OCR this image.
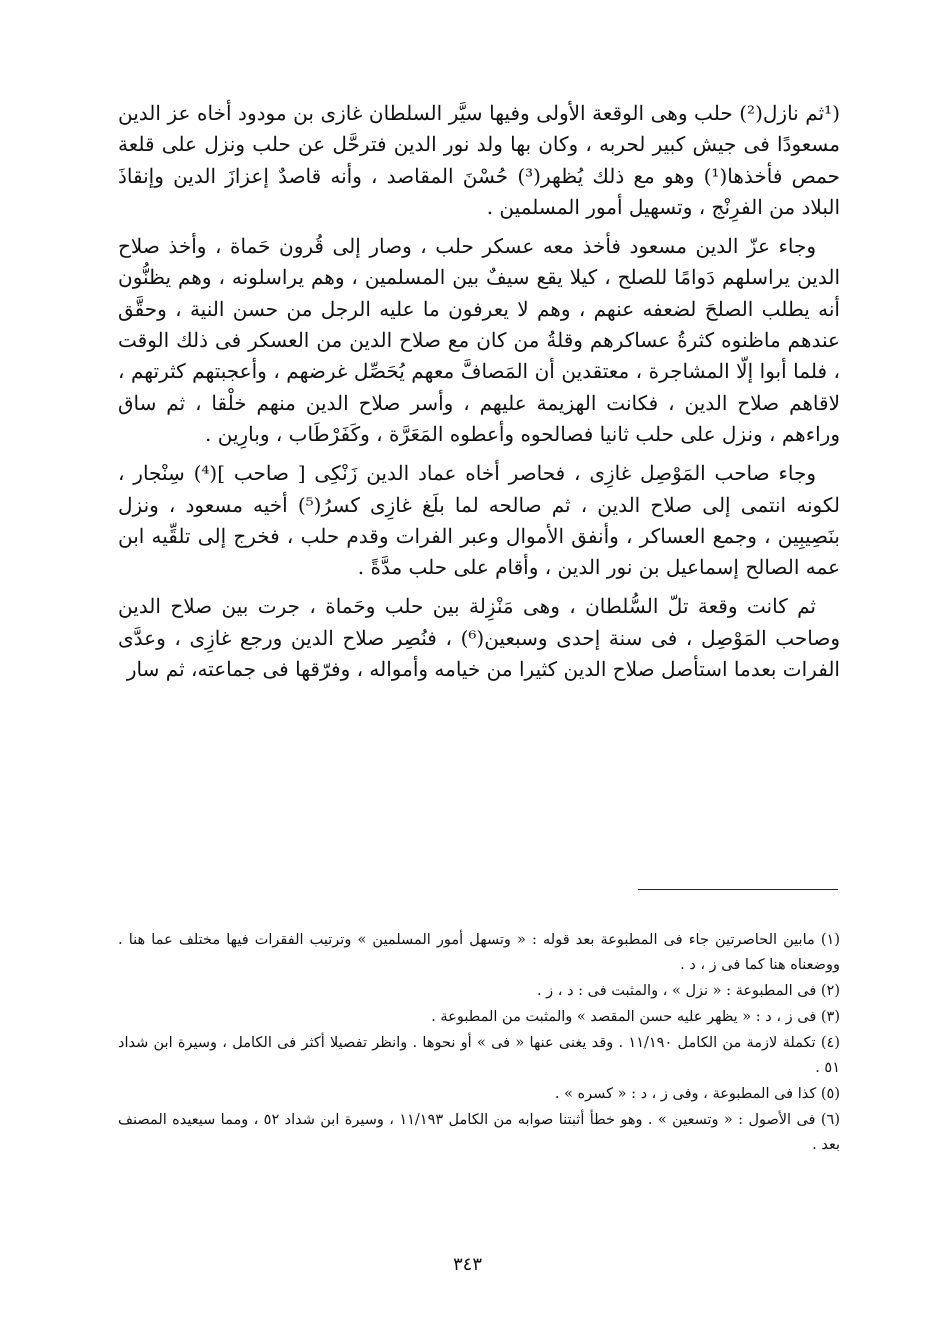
(¹ثم نازل(²) حلب وهى الوقعة الأولى وفيها سيَّر السلطان غازى بن مودود أخاه عز الدين مسعودًا فى جيش كبير لحربه ، وكان بها ولد نور الدين فترحَّل عن حلب ونزل على قلعة حمص فأخذها(¹) وهو مع ذلك يُظهر(³) حُسْنَ المقاصد ، وأنه قاصدٌ إعزازَ الدين وإنقاذَ البلاد من الفرِنْج ، وتسهيل أمور المسلمين .

وجاء عزّ الدين مسعود فأخذ معه عسكر حلب ، وصار إلى قُرون حَماة ، وأخذ صلاح الدين يراسلهم دَوامًا للصلح ، كيلا يقع سيفٌ بين المسلمين ، وهم يراسلونه ، وهم يظنُّون أنه يطلب الصلحَ لضعفه عنهم ، وهم لا يعرفون ما عليه الرجل من حسن النية ، وحقَّق عندهم ماظنوه كثرةُ عساكرهم وقلةُ من كان مع صلاح الدين من العسكر فى ذلك الوقت ، فلما أبوا إلّا المشاجرة ، معتقدين أن المَصافَّ معهم يُحَصِّل غرضهم ، وأعجبتهم كثرتهم ، لاقاهم صلاح الدين ، فكانت الهزيمة عليهم ، وأسر صلاح الدين منهم خلْقا ، ثم ساق وراءهم ، ونزل على حلب ثانيا فصالحوه وأعطوه المَعَرَّة ، وكَفَرْطَاب ، وبارِين .

وجاء صاحب المَوْصِل غازِى ، فحاصر أخاه عماد الدين زَنْكِى [ صاحب ](⁴) سِنْجار ، لكونه انتمى إلى صلاح الدين ، ثم صالحه لما بلَغ غازِى كسرُ(⁵) أخيه مسعود ، ونزل بنَصِيبِين ، وجمع العساكر ، وأنفق الأموال وعبر الفرات وقدم حلب ، فخرج إلى تلقِّيه ابن عمه الصالح إسماعيل بن نور الدين ، وأقام على حلب مدَّةً .

ثم كانت وقعة تلّ السُّلطان ، وهى مَنْزِلة بين حلب وحَماة ، جرت بين صلاح الدين وصاحب المَوْصِل ، فى سنة إحدى وسبعين(⁶) ، فنُصِر صلاح الدين ورجع غازِى ، وعدَّى الفرات بعدما استأصل صلاح الدين كثيرا من خيامه وأمواله ، وفرّقها فى جماعته، ثم سار

(١) مابين الحاصرتين جاء فى المطبوعة بعد قوله : « وتسهل أمور المسلمين » وترتيب الفقرات فيها مختلف عما هنا . ووضعناه هنا كما فى ز ، د .

(٢) فى المطبوعة : « نزل » ، والمثبت فى : د ، ز .

(٣) فى ز ، د : « يظهر عليه حسن المقصد » والمثبت من المطبوعة .

(٤) تكملة لازمة من الكامل ١١/١٩٠ . وقد يغنى عنها « فى » أو نحوها . وانظر تفصيلا أكثر فى الكامل ، وسيرة ابن شداد ٥١ .

(٥) كذا فى المطبوعة ، وفى ز ، د : « كسره » .

(٦) فى الأصول : « وتسعين » . وهو خطأ أثبتنا صوابه من الكامل ١١/١٩٣ ، وسيرة ابن شداد ٥٢ ، ومما سيعيده المصنف بعد .

٣٤٣
